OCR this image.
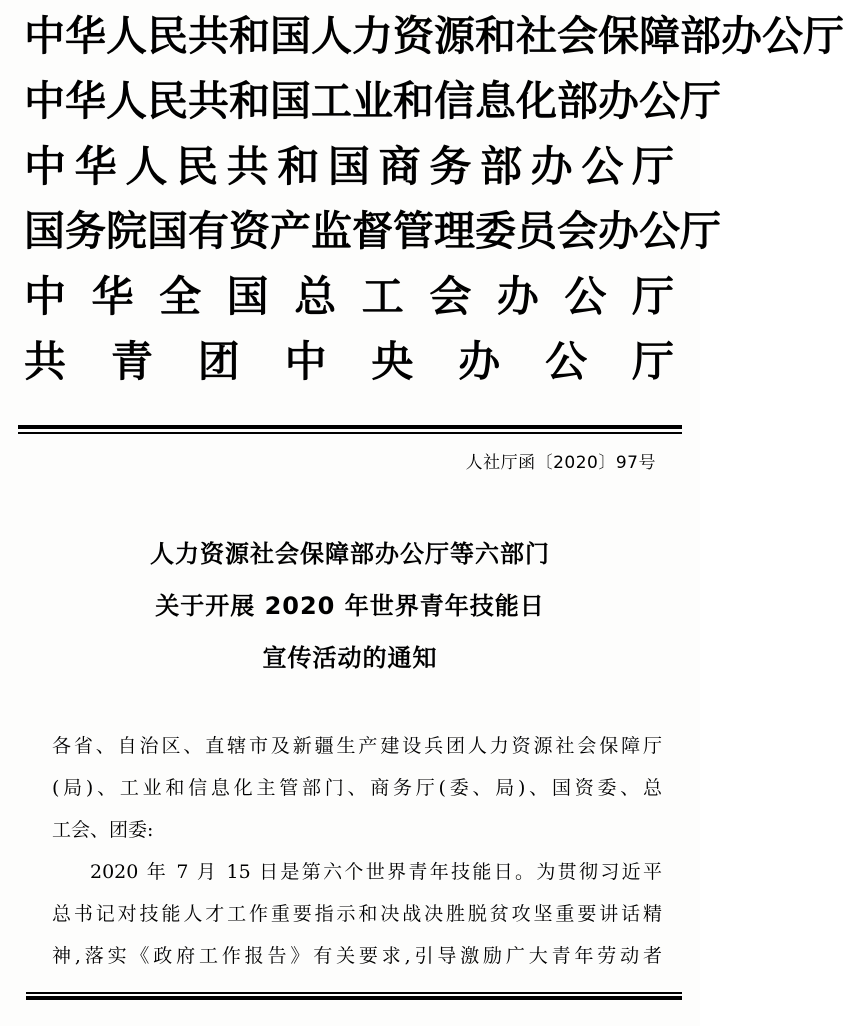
中华人民共和国人力资源和社会保障部办公厅
中华人民共和国工业和信息化部办公厅
中华人民共和国商务部办公厅
国务院国有资产监督管理委员会办公厅
中华全国总工会办公厅
共青团中央办公厅
人社厅函〔2020〕97号
人力资源社会保障部办公厅等六部门
关于开展 2020 年世界青年技能日
宣传活动的通知

各省、自治区、直辖市及新疆生产建设兵团人力资源社会保障厅
(局)、工业和信息化主管部门、商务厅(委、局)、国资委、总
工会、团委:

2020 年 7 月 15 日是第六个世界青年技能日。为贯彻习近平
总书记对技能人才工作重要指示和决战决胜脱贫攻坚重要讲话精
神,落实《政府工作报告》有关要求,引导激励广大青年劳动者
